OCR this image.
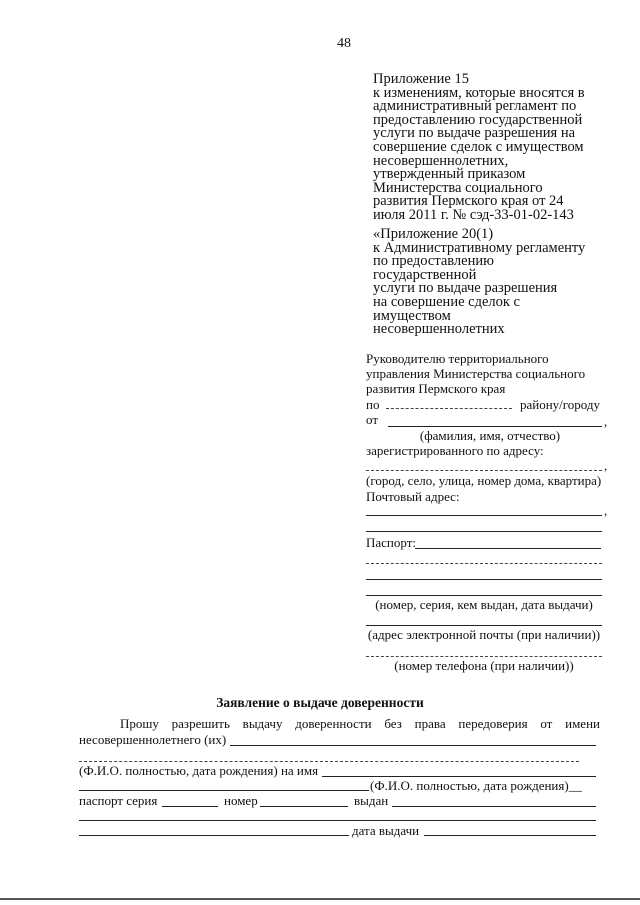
48
Приложение 15
к изменениям, которые вносятся в
административный регламент по
предоставлению государственной
услуги по выдаче разрешения на
совершение сделок с имуществом
несовершеннолетних,
утвержденный приказом
Министерства социального
развития Пермского края от 24
июля 2011 г. № сэд-33-01-02-143
«Приложение 20(1)
к Административному регламенту
по предоставлению
государственной
услуги по выдаче разрешения
на совершение сделок с
имуществом
несовершеннолетних
Руководителю территориального
управления Министерства социального
развития Пермского края
по	району/городу
от	,
(фамилия, имя, отчество)
зарегистрированного по адресу:
,
(город, село, улица, номер дома, квартира)
Почтовый адрес:
,
Паспорт:
(номер, серия, кем выдан, дата выдачи)
(адрес электронной почты (при наличии))
(номер телефона (при наличии))
Заявление о выдаче доверенности
Прошу разрешить выдачу доверенности без права передоверия от имени
несовершеннолетнего (их)
(Ф.И.О. полностью, дата рождения) на имя
(Ф.И.О. полностью, дата рождения)__
паспорт серия	номер	выдан
дата выдачи
